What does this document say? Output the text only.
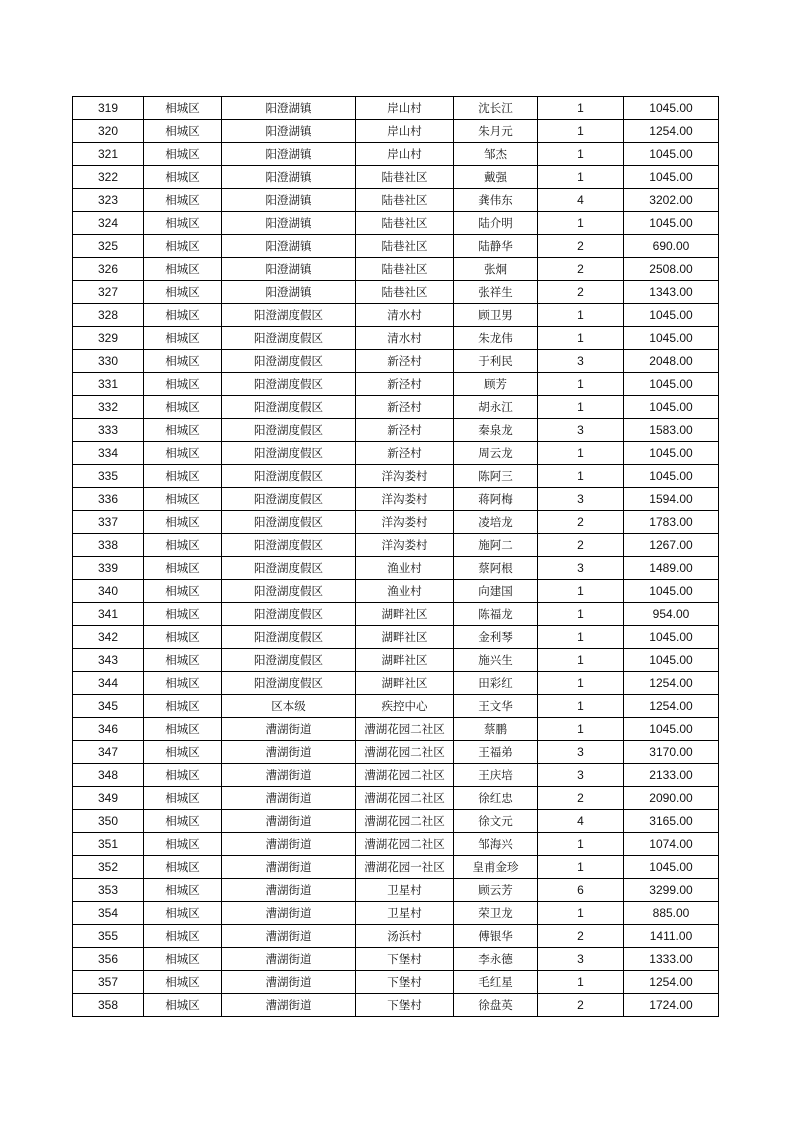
319	相城区	阳澄湖镇	岸山村	沈长江	1	1045.00
320	相城区	阳澄湖镇	岸山村	朱月元	1	1254.00
321	相城区	阳澄湖镇	岸山村	邹杰	1	1045.00
322	相城区	阳澄湖镇	陆巷社区	戴强	1	1045.00
323	相城区	阳澄湖镇	陆巷社区	龚伟东	4	3202.00
324	相城区	阳澄湖镇	陆巷社区	陆介明	1	1045.00
325	相城区	阳澄湖镇	陆巷社区	陆静华	2	690.00
326	相城区	阳澄湖镇	陆巷社区	张炯	2	2508.00
327	相城区	阳澄湖镇	陆巷社区	张祥生	2	1343.00
328	相城区	阳澄湖度假区	清水村	顾卫男	1	1045.00
329	相城区	阳澄湖度假区	清水村	朱龙伟	1	1045.00
330	相城区	阳澄湖度假区	新泾村	于利民	3	2048.00
331	相城区	阳澄湖度假区	新泾村	顾芳	1	1045.00
332	相城区	阳澄湖度假区	新泾村	胡永江	1	1045.00
333	相城区	阳澄湖度假区	新泾村	秦泉龙	3	1583.00
334	相城区	阳澄湖度假区	新泾村	周云龙	1	1045.00
335	相城区	阳澄湖度假区	洋沟娄村	陈阿三	1	1045.00
336	相城区	阳澄湖度假区	洋沟娄村	蒋阿梅	3	1594.00
337	相城区	阳澄湖度假区	洋沟娄村	凌培龙	2	1783.00
338	相城区	阳澄湖度假区	洋沟娄村	施阿二	2	1267.00
339	相城区	阳澄湖度假区	渔业村	蔡阿根	3	1489.00
340	相城区	阳澄湖度假区	渔业村	向建国	1	1045.00
341	相城区	阳澄湖度假区	湖畔社区	陈福龙	1	954.00
342	相城区	阳澄湖度假区	湖畔社区	金利琴	1	1045.00
343	相城区	阳澄湖度假区	湖畔社区	施兴生	1	1045.00
344	相城区	阳澄湖度假区	湖畔社区	田彩红	1	1254.00
345	相城区	区本级	疾控中心	王文华	1	1254.00
346	相城区	漕湖街道	漕湖花园二社区	蔡鹏	1	1045.00
347	相城区	漕湖街道	漕湖花园二社区	王福弟	3	3170.00
348	相城区	漕湖街道	漕湖花园二社区	王庆培	3	2133.00
349	相城区	漕湖街道	漕湖花园二社区	徐红忠	2	2090.00
350	相城区	漕湖街道	漕湖花园二社区	徐文元	4	3165.00
351	相城区	漕湖街道	漕湖花园二社区	邹海兴	1	1074.00
352	相城区	漕湖街道	漕湖花园一社区	皇甫金珍	1	1045.00
353	相城区	漕湖街道	卫星村	顾云芳	6	3299.00
354	相城区	漕湖街道	卫星村	荣卫龙	1	885.00
355	相城区	漕湖街道	汤浜村	傅银华	2	1411.00
356	相城区	漕湖街道	下堡村	李永德	3	1333.00
357	相城区	漕湖街道	下堡村	毛红星	1	1254.00
358	相城区	漕湖街道	下堡村	徐盘英	2	1724.00
